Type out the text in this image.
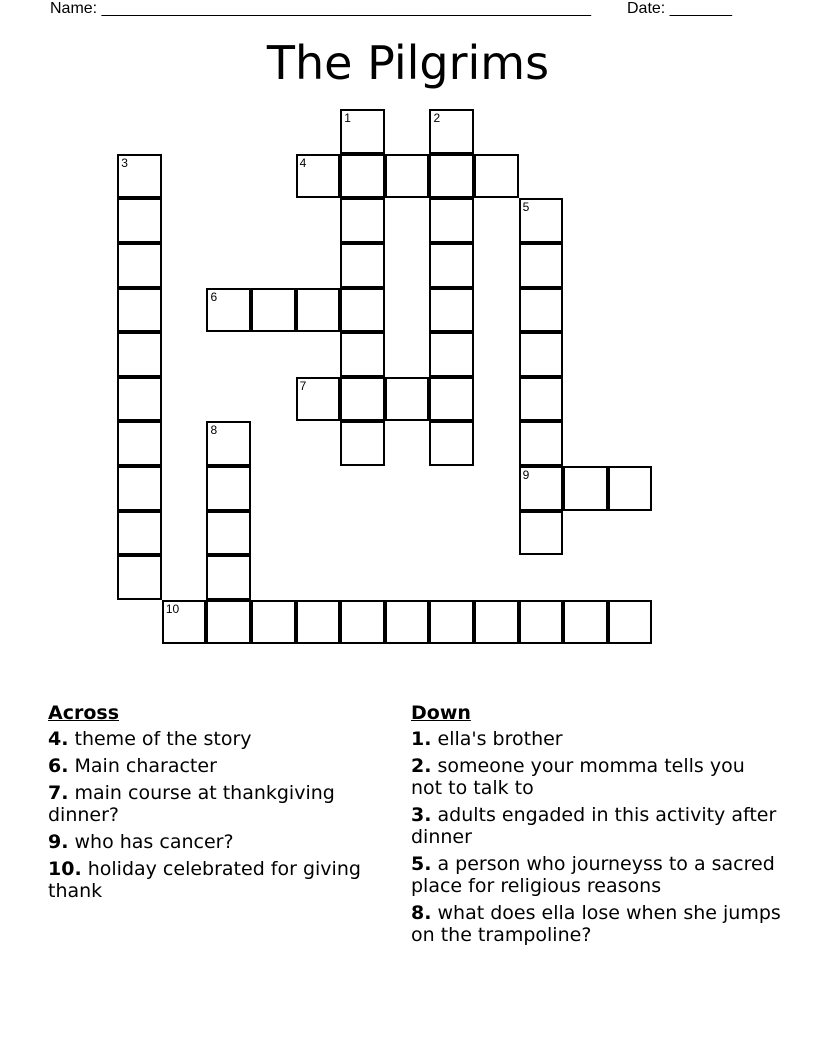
Name: _______________________________________________________ Date: _______
The Pilgrims
1	2
3	4
5
9
6
7
8
10
Across
4. theme of the story
6. Main character
7. main course at thankgiving dinner?
9. who has cancer?
10. holiday celebrated for giving thank
Down
1. ella's brother
2. someone your momma tells you not to talk to
3. adults engaded in this activity after dinner
5. a person who journeyss to a sacred place for religious reasons
8. what does ella lose when she jumps on the trampoline?
